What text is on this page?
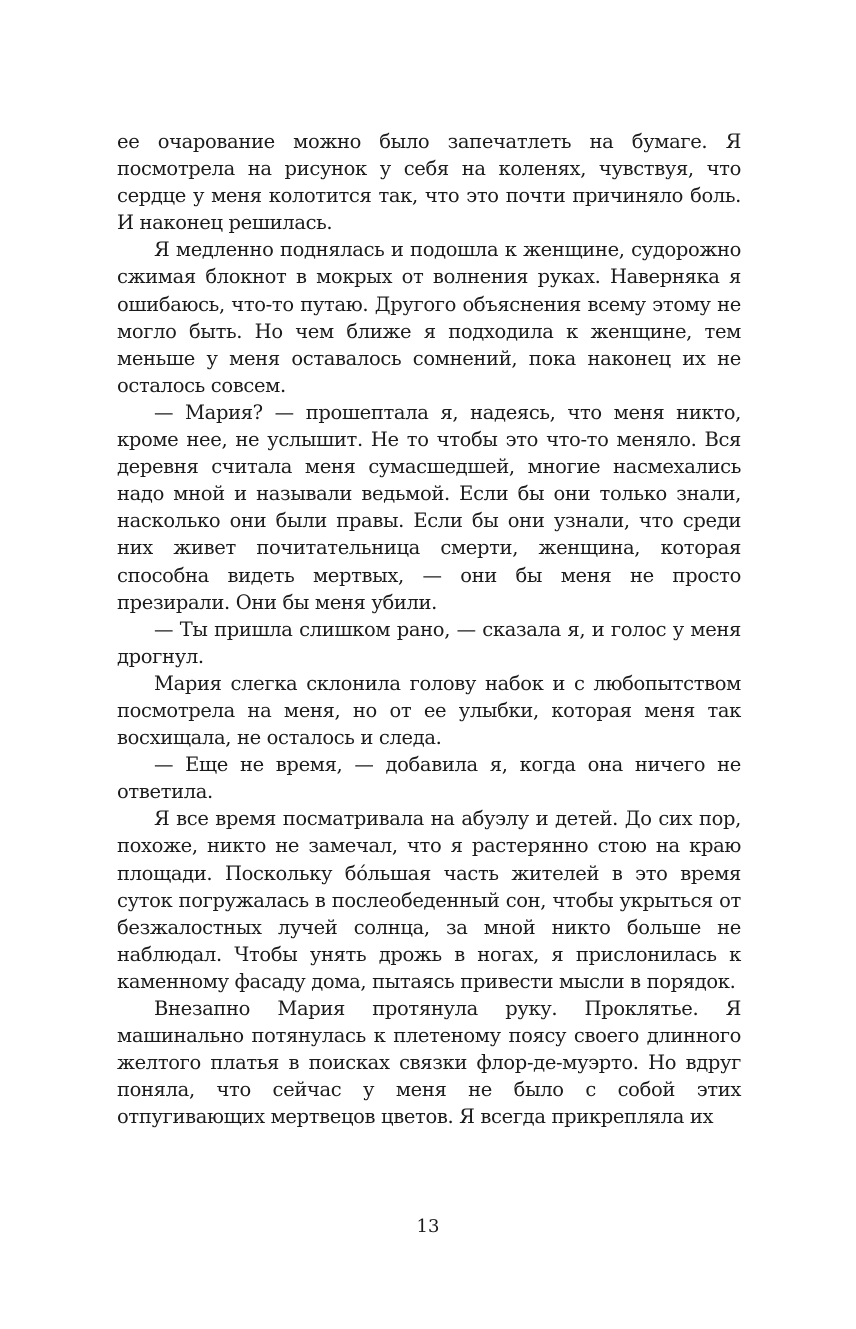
ее очарование можно было запечатлеть на бумаге. Я посмотрела на рисунок у себя на коленях, чувствуя, что сердце у меня колотится так, что это почти причиняло боль. И наконец решилась.

Я медленно поднялась и подошла к женщине, судорожно сжимая блокнот в мокрых от волнения руках. Наверняка я ошибаюсь, что-то путаю. Другого объяснения всему этому не могло быть. Но чем ближе я подходила к женщине, тем меньше у меня оставалось сомнений, пока наконец их не осталось совсем.

— Мария? — прошептала я, надеясь, что меня никто, кроме нее, не услышит. Не то чтобы это что-то меняло. Вся деревня считала меня сумасшедшей, многие насмехались надо мной и называли ведьмой. Если бы они только знали, насколько они были правы. Если бы они узнали, что среди них живет почитательница смерти, женщина, которая способна видеть мертвых, — они бы меня не просто презирали. Они бы меня убили.

— Ты пришла слишком рано, — сказала я, и голос у меня дрогнул.

Мария слегка склонила голову набок и с любопытством посмотрела на меня, но от ее улыбки, которая меня так восхищала, не осталось и следа.

— Еще не время, — добавила я, когда она ничего не ответила.

Я все время посматривала на абуэлу и детей. До сих пор, похоже, никто не замечал, что я растерянно стою на краю площади. Поскольку бо́льшая часть жителей в это время суток погружалась в послеобеденный сон, чтобы укрыться от безжалостных лучей солнца, за мной никто больше не наблюдал. Чтобы унять дрожь в ногах, я прислонилась к каменному фасаду дома, пытаясь привести мысли в порядок.

Внезапно Мария протянула руку. Проклятье. Я машинально потянулась к плетеному поясу своего длинного желтого платья в поисках связки флор-де-муэрто. Но вдруг поняла, что сейчас у меня не было с собой этих отпугивающих мертвецов цветов. Я всегда прикрепляла их

13
